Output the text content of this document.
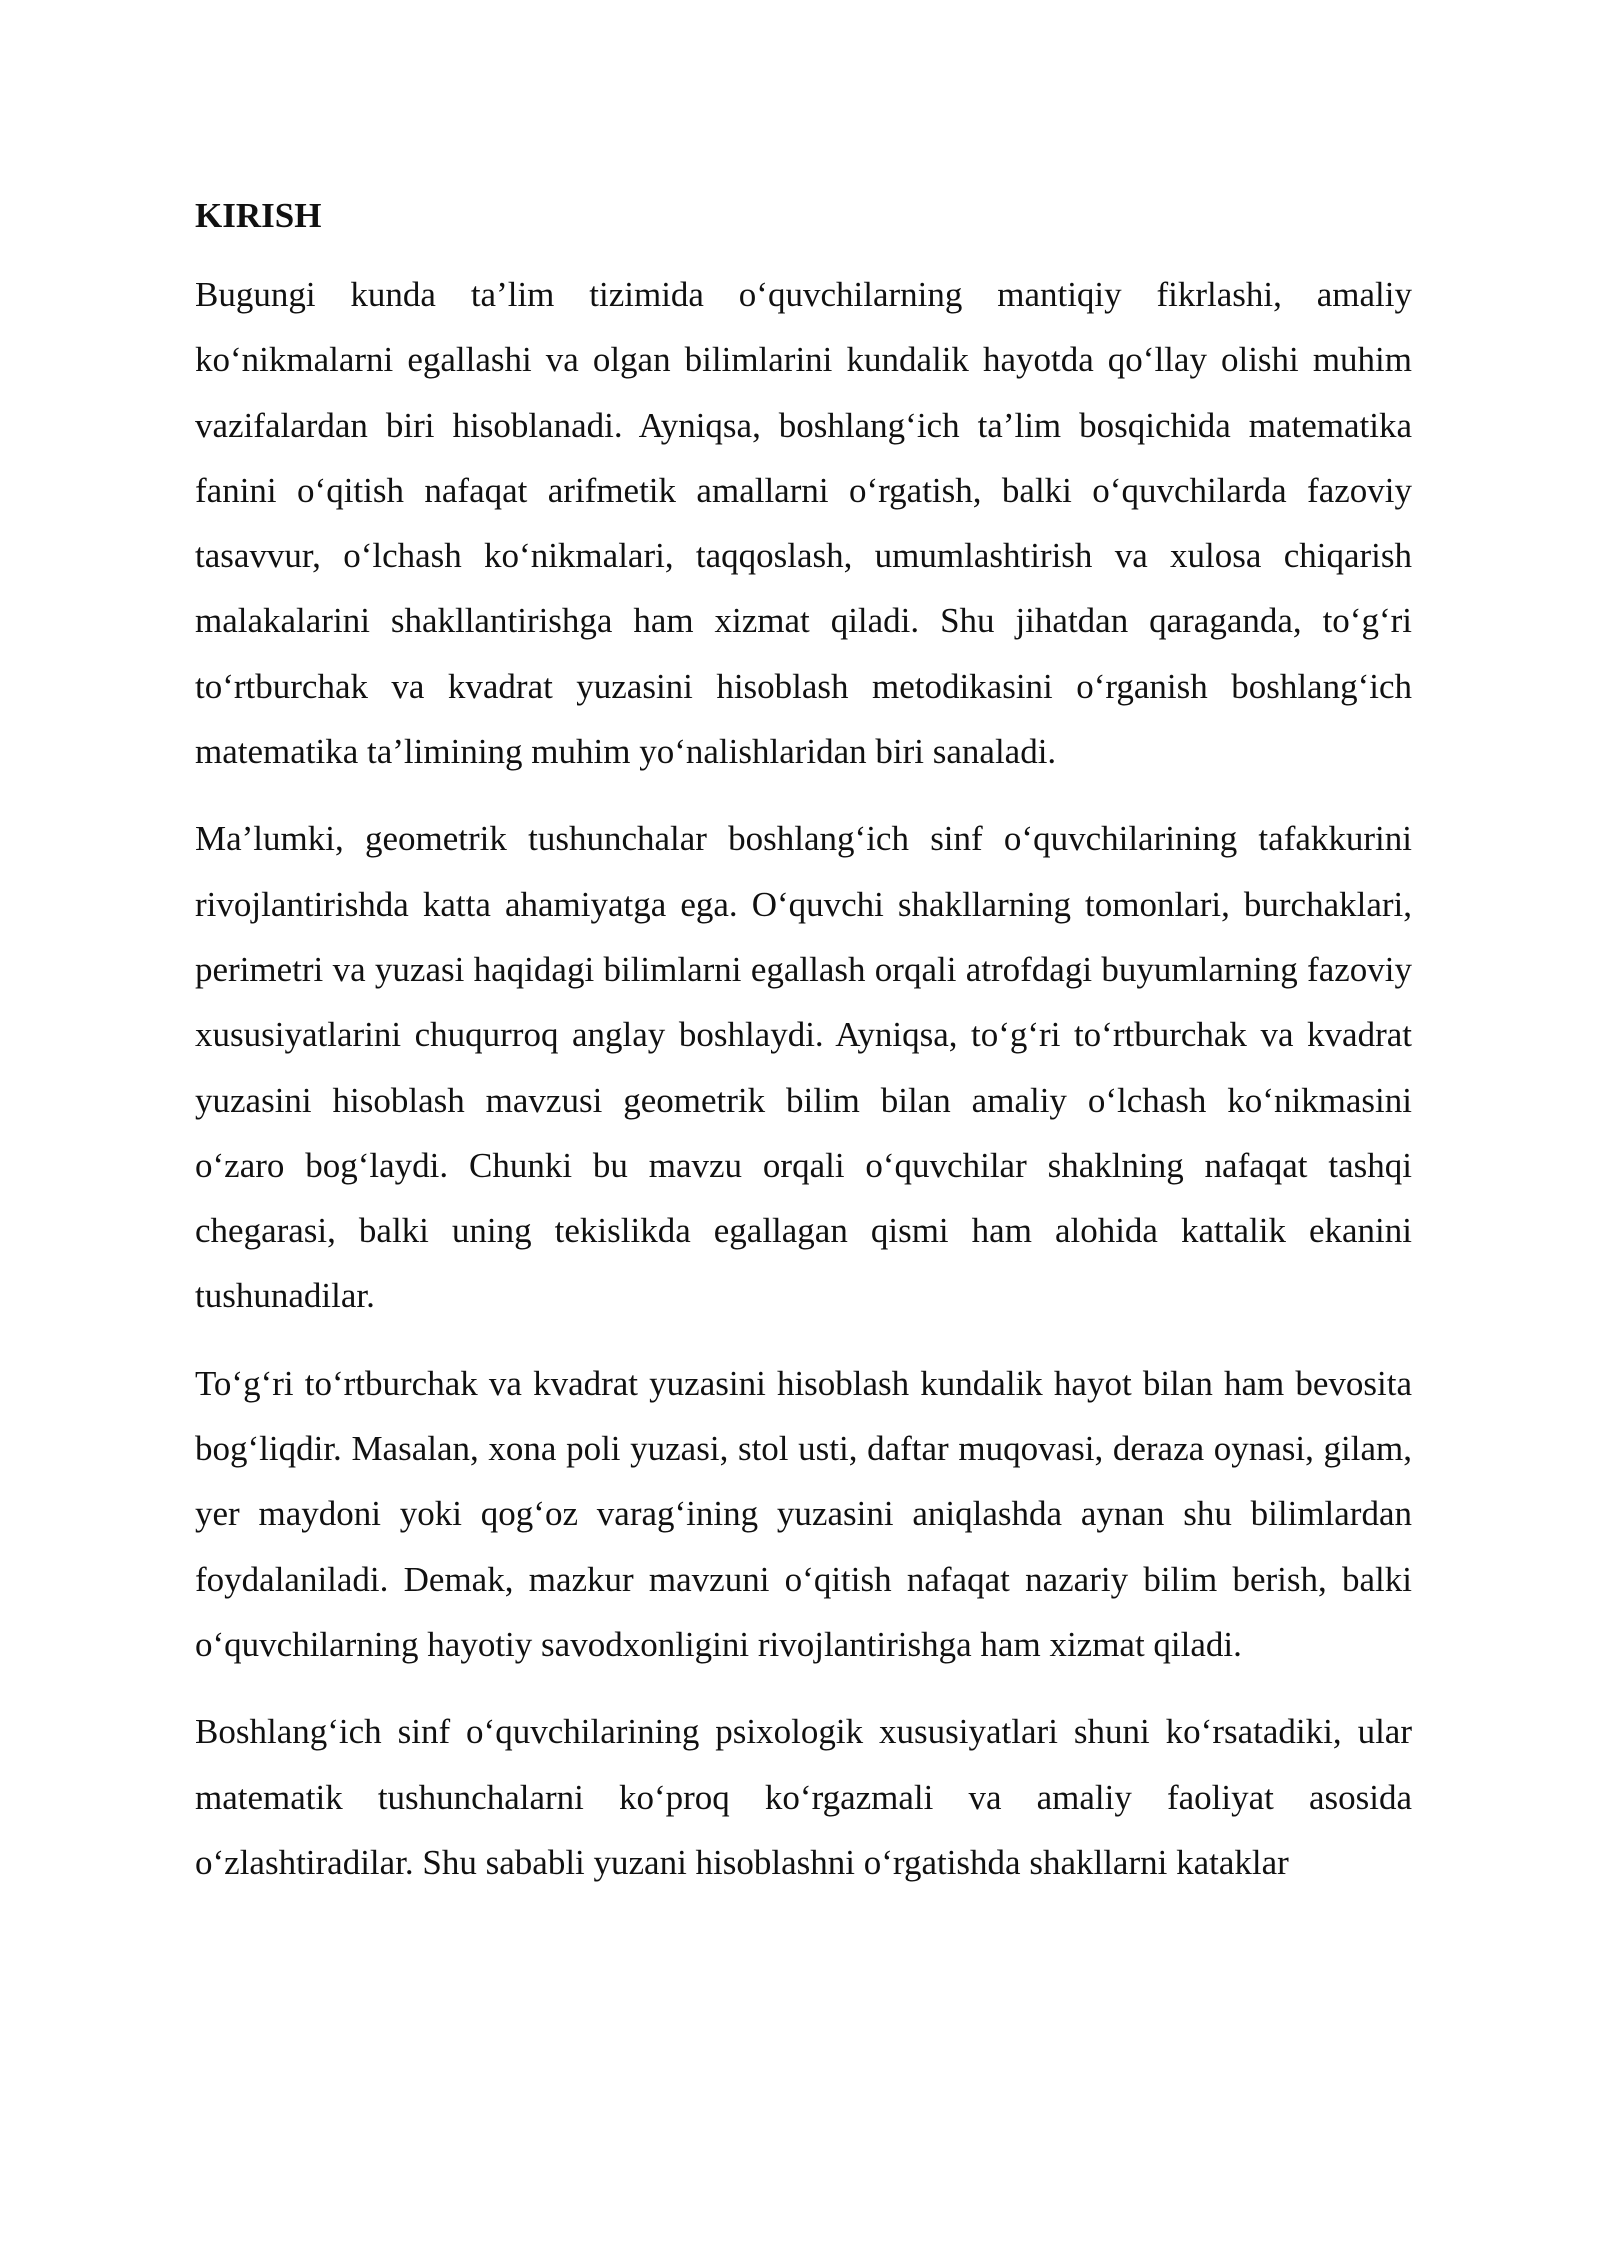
KIRISH

Bugungi kunda ta’lim tizimida o‘quvchilarning mantiqiy fikrlashi, amaliy ko‘nikmalarni egallashi va olgan bilimlarini kundalik hayotda qo‘llay olishi muhim vazifalardan biri hisoblanadi. Ayniqsa, boshlang‘ich ta’lim bosqichida matematika fanini o‘qitish nafaqat arifmetik amallarni o‘rgatish, balki o‘quvchilarda fazoviy tasavvur, o‘lchash ko‘nikmalari, taqqoslash, umumlashtirish va xulosa chiqarish malakalarini shakllantirishga ham xizmat qiladi. Shu jihatdan qaraganda, to‘g‘ri to‘rtburchak va kvadrat yuzasini hisoblash metodikasini o‘rganish boshlang‘ich matematika ta’limining muhim yo‘nalishlaridan biri sanaladi.

Ma’lumki, geometrik tushunchalar boshlang‘ich sinf o‘quvchilarining tafakkurini rivojlantirishda katta ahamiyatga ega. O‘quvchi shakllarning tomonlari, burchaklari, perimetri va yuzasi haqidagi bilimlarni egallash orqali atrofdagi buyumlarning fazoviy xususiyatlarini chuqurroq anglay boshlaydi. Ayniqsa, to‘g‘ri to‘rtburchak va kvadrat yuzasini hisoblash mavzusi geometrik bilim bilan amaliy o‘lchash ko‘nikmasini o‘zaro bog‘laydi. Chunki bu mavzu orqali o‘quvchilar shaklning nafaqat tashqi chegarasi, balki uning tekislikda egallagan qismi ham alohida kattalik ekanini tushunadilar.

To‘g‘ri to‘rtburchak va kvadrat yuzasini hisoblash kundalik hayot bilan ham bevosita bog‘liqdir. Masalan, xona poli yuzasi, stol usti, daftar muqovasi, deraza oynasi, gilam, yer maydoni yoki qog‘oz varag‘ining yuzasini aniqlashda aynan shu bilimlardan foydalaniladi. Demak, mazkur mavzuni o‘qitish nafaqat nazariy bilim berish, balki o‘quvchilarning hayotiy savodxonligini rivojlantirishga ham xizmat qiladi.

Boshlang‘ich sinf o‘quvchilarining psixologik xususiyatlari shuni ko‘rsatadiki, ular matematik tushunchalarni ko‘proq ko‘rgazmali va amaliy faoliyat asosida o‘zlashtiradilar. Shu sababli yuzani hisoblashni o‘rgatishda shakllarni kataklar
